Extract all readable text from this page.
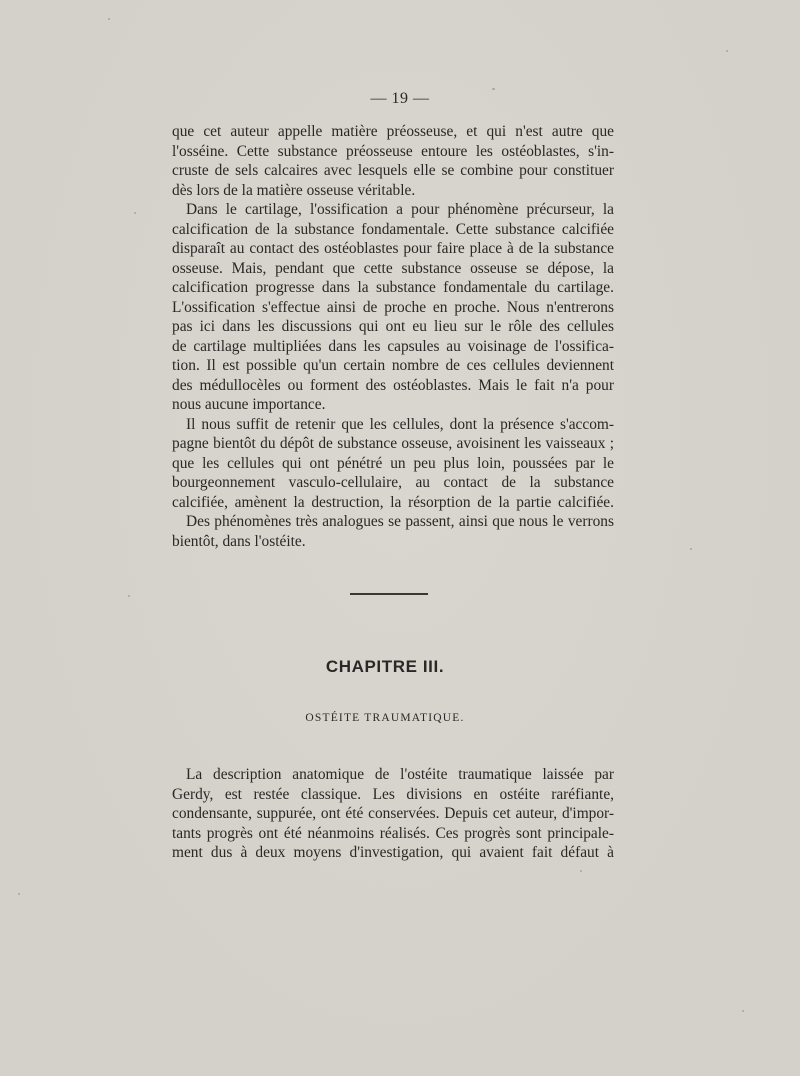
— 19 —
que cet auteur appelle matière préosseuse, et qui n'est autre que
l'osséine. Cette substance préosseuse entoure les ostéoblastes, s'in-
cruste de sels calcaires avec lesquels elle se combine pour constituer
dès lors de la matière osseuse véritable.
Dans le cartilage, l'ossification a pour phénomène précurseur, la
calcification de la substance fondamentale. Cette substance calcifiée
disparaît au contact des ostéoblastes pour faire place à de la substance
osseuse. Mais, pendant que cette substance osseuse se dépose, la
calcification progresse dans la substance fondamentale du cartilage.
L'ossification s'effectue ainsi de proche en proche. Nous n'entrerons
pas ici dans les discussions qui ont eu lieu sur le rôle des cellules
de cartilage multipliées dans les capsules au voisinage de l'ossifica-
tion. Il est possible qu'un certain nombre de ces cellules deviennent
des médullocèles ou forment des ostéoblastes. Mais le fait n'a pour
nous aucune importance.
Il nous suffit de retenir que les cellules, dont la présence s'accom-
pagne bientôt du dépôt de substance osseuse, avoisinent les vaisseaux ;
que les cellules qui ont pénétré un peu plus loin, poussées par le
bourgeonnement vasculo-cellulaire, au contact de la substance
calcifiée, amènent la destruction, la résorption de la partie calcifiée.
Des phénomènes très analogues se passent, ainsi que nous le verrons
bientôt, dans l'ostéite.
CHAPITRE III.
OSTÉITE TRAUMATIQUE.
La description anatomique de l'ostéite traumatique laissée par
Gerdy, est restée classique. Les divisions en ostéite raréfiante,
condensante, suppurée, ont été conservées. Depuis cet auteur, d'impor-
tants progrès ont été néanmoins réalisés. Ces progrès sont principale-
ment dus à deux moyens d'investigation, qui avaient fait défaut à
